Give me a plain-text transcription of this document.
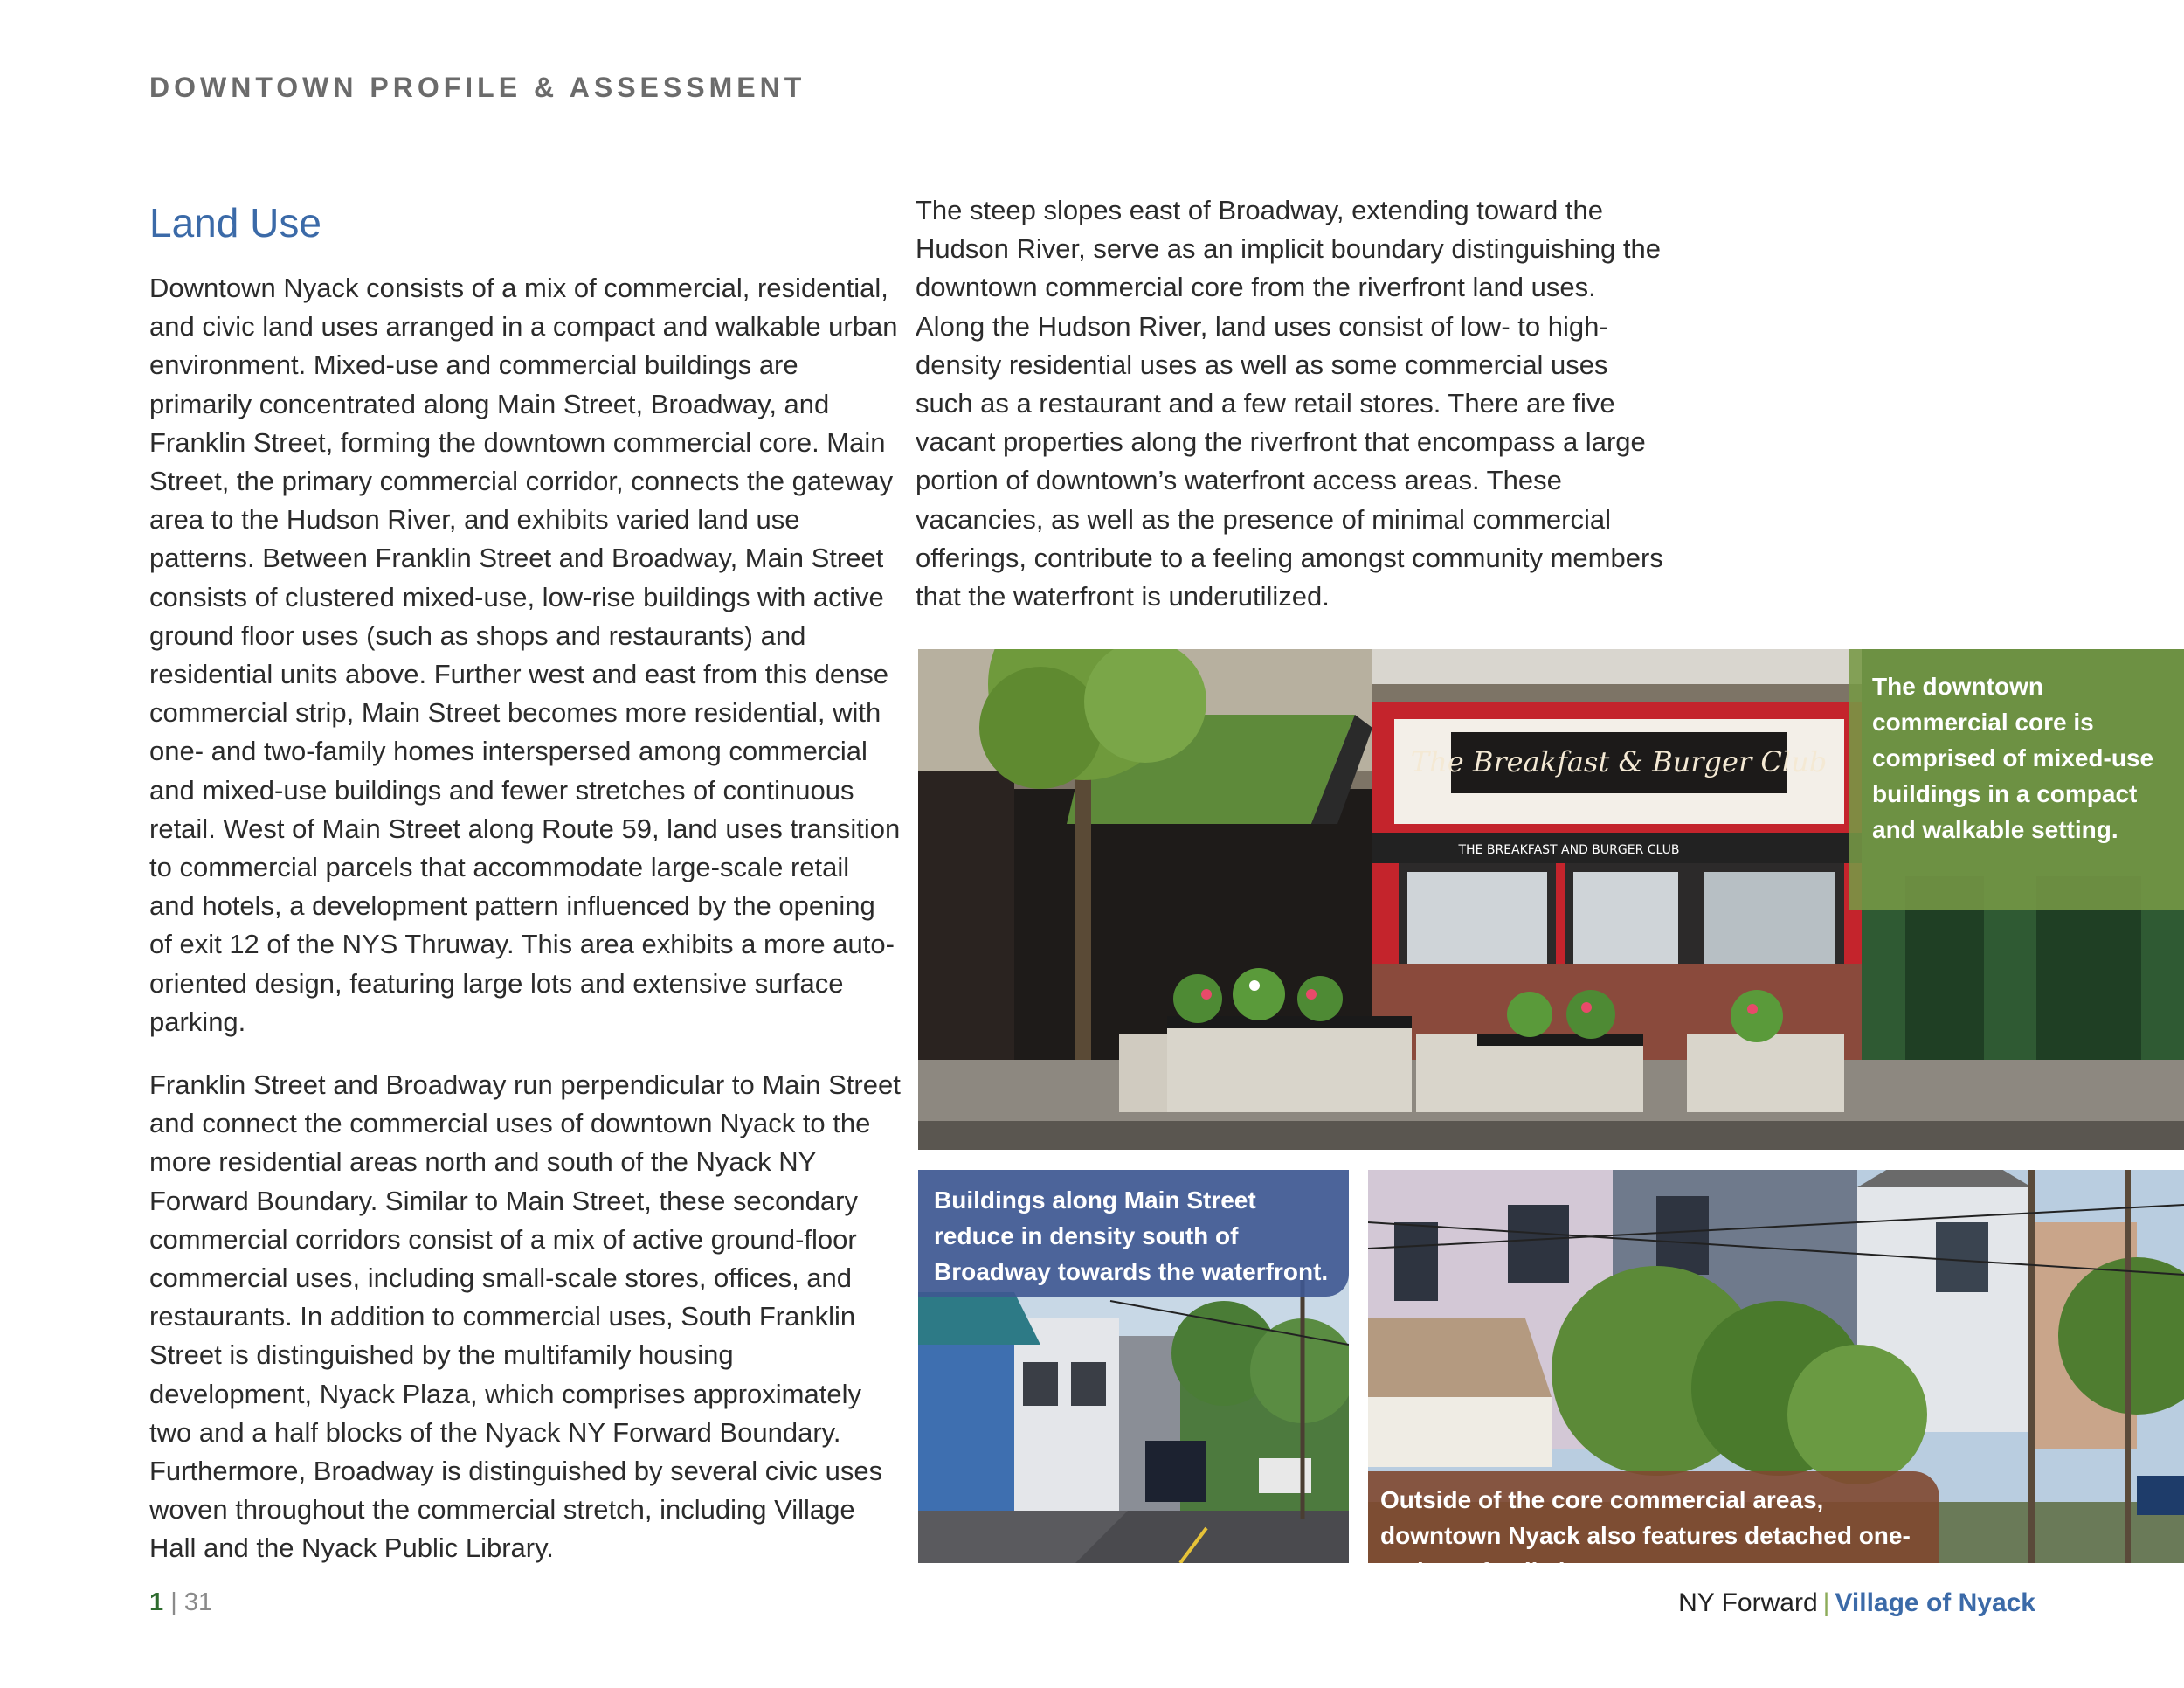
DOWNTOWN PROFILE & ASSESSMENT
Land Use

Downtown Nyack consists of a mix of commercial, residential, and civic land uses arranged in a compact and walkable urban environment. Mixed-use and commercial buildings are primarily concentrated along Main Street, Broadway, and Franklin Street, forming the downtown commercial core. Main Street, the primary commercial corridor, connects the gateway area to the Hudson River, and exhibits varied land use patterns. Between Franklin Street and Broadway, Main Street consists of clustered mixed-use, low-rise buildings with active ground floor uses (such as shops and restaurants) and residential units above. Further west and east from this dense commercial strip, Main Street becomes more residential, with one- and two-family homes interspersed among commercial and mixed-use buildings and fewer stretches of continuous retail. West of Main Street along Route 59, land uses transition to commercial parcels that accommodate large-scale retail and hotels, a development pattern influenced by the opening of exit 12 of the NYS Thruway. This area exhibits a more auto-oriented design, featuring large lots and extensive surface parking.

Franklin Street and Broadway run perpendicular to Main Street and connect the commercial uses of downtown Nyack to the more residential areas north and south of the Nyack NY Forward Boundary. Similar to Main Street, these secondary commercial corridors consist of a mix of active ground-floor commercial uses, including small-scale stores, offices, and restaurants. In addition to commercial uses, South Franklin Street is distinguished by the multifamily housing development, Nyack Plaza, which comprises approximately two and a half blocks of the Nyack NY Forward Boundary. Furthermore, Broadway is distinguished by several civic uses woven throughout the commercial stretch, including Village Hall and the Nyack Public Library.

The steep slopes east of Broadway, extending toward the Hudson River, serve as an implicit boundary distinguishing the downtown commercial core from the riverfront land uses. Along the Hudson River, land uses consist of low- to high-density residential uses as well as some commercial uses such as a restaurant and a few retail stores. There are five vacant properties along the riverfront that encompass a large portion of downtown’s waterfront access areas. These vacancies, as well as the presence of minimal commercial offerings, contribute to a feeling amongst community members that the waterfront is underutilized.

The Breakfast & Burger Club
THE BREAKFAST AND BURGER CLUB
The downtown commercial core is comprised of mixed-use buildings in a compact and walkable setting.
Buildings along Main Street reduce in density south of Broadway towards the waterfront.
Outside of the core commercial areas, downtown Nyack also features detached one- and two-family homes.
1 | 31	NY Forward | Village of Nyack
